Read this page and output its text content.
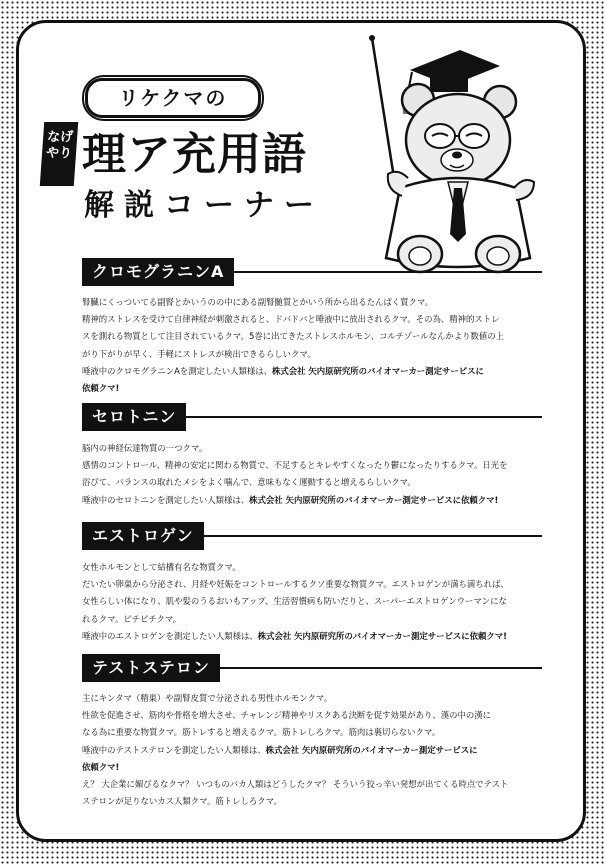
リケクマの
なげ
やり 理ア充用語
解説コーナー
クロモグラニンA

腎臓にくっついてる副腎とかいうのの中にある副腎髄質とかいう所から出るたんぱく質クマ。

精神的ストレスを受けて自律神経が刺激されると、ドバドバと唾液中に放出されるクマ。その為、精神的ストレ

スを測れる物質として注目されているクマ。5巻に出てきたストレスホルモン、コルチゾールなんかより数値の上

がり下がりが早く、手軽にストレスが検出できるらしいクマ。

唾液中のクロモグラニンAを測定したい人類様は、株式会社 矢内原研究所のバイオマーカー測定サービスに

依頼クマ!

セロトニン

脳内の神経伝達物質の一つクマ。

感情のコントロール、精神の安定に関わる物質で、不足するとキレやすくなったり鬱になったりするクマ。日光を

浴びて、バランスの取れたメシをよく噛んで、意味もなく運動すると増えるらしいクマ。

唾液中のセロトニンを測定したい人類様は、株式会社 矢内原研究所のバイオマーカー測定サービスに依頼クマ!

エストロゲン

女性ホルモンとして結構有名な物質クマ。

だいたい卵巣から分泌され、月経や妊娠をコントロールするクソ重要な物質クマ。エストロゲンが満ち満ちれば、

女性らしい体になり、肌や髪のうるおいもアップ、生活習慣病も防いだりと、スーパーエストロゲンウーマンにな

れるクマ。ピチピチクマ。

唾液中のエストロゲンを測定したい人類様は、株式会社 矢内原研究所のバイオマーカー測定サービスに依頼クマ!

テストステロン

主にキンタマ（精巣）や副腎皮質で分泌される男性ホルモンクマ。

性欲を促進させ、筋肉や骨格を増大させ、チャレンジ精神やリスクある決断を促す効果があり、漢の中の漢に

なる為に重要な物質クマ。筋トレすると増えるクマ。筋トレしろクマ。筋肉は裏切らないクマ。

唾液中のテストステロンを測定したい人類様は、株式会社 矢内原研究所のバイオマーカー測定サービスに

依頼クマ!

え？ 大企業に媚びるなクマ？ いつものバカ人類はどうしたクマ？ そういう狡っ辛い発想が出てくる時点でテスト

ステロンが足りないカス人類クマ。筋トレしろクマ。
